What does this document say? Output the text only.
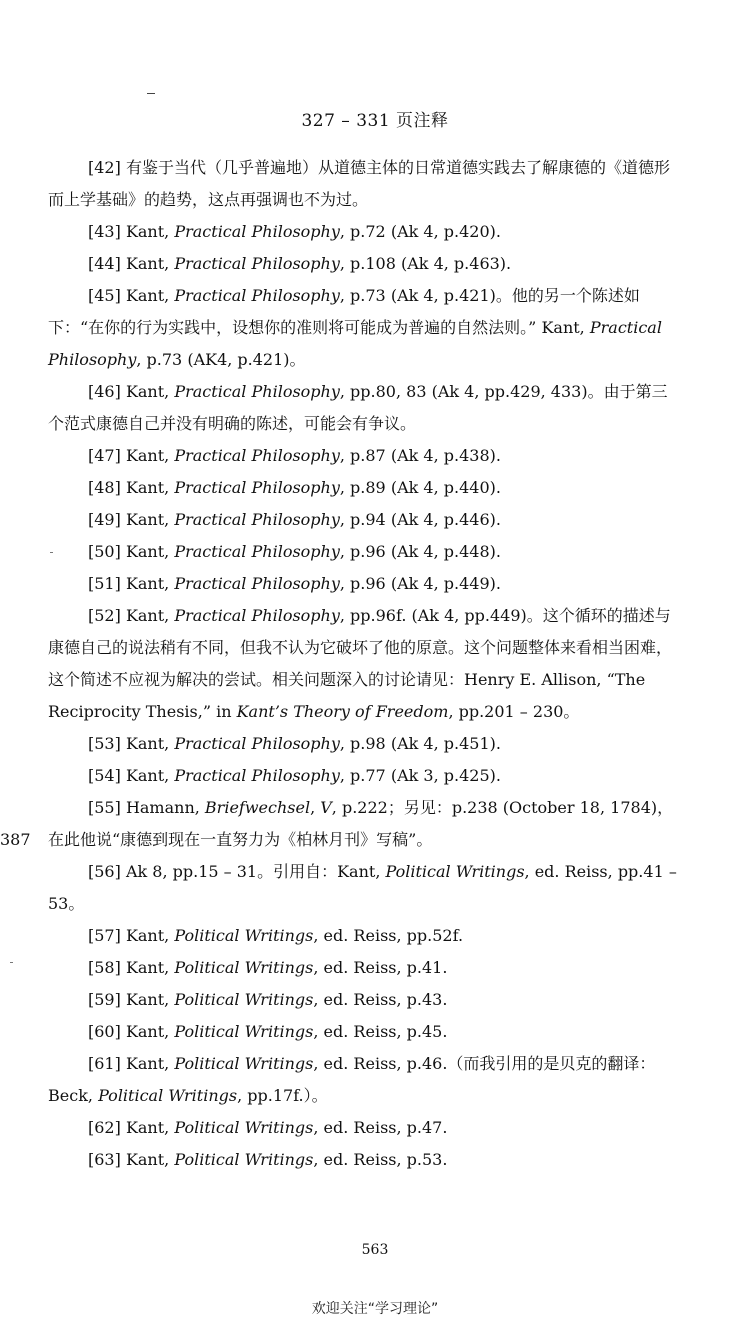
327 – 331 页注释
387

[42] 有鉴于当代（几乎普遍地）从道德主体的日常道德实践去了解康德的《道德形而上学基础》的趋势，这点再强调也不为过。

[43] Kant, Practical Philosophy, p.72 (Ak 4, p.420).

[44] Kant, Practical Philosophy, p.108 (Ak 4, p.463).

[45] Kant, Practical Philosophy, p.73 (Ak 4, p.421)。他的另一个陈述如下：“在你的行为实践中，设想你的准则将可能成为普遍的自然法则。” Kant, Practical Philosophy, p.73 (AK4, p.421)。

[46] Kant, Practical Philosophy, pp.80, 83 (Ak 4, pp.429, 433)。由于第三个范式康德自己并没有明确的陈述，可能会有争议。

[47] Kant, Practical Philosophy, p.87 (Ak 4, p.438).

[48] Kant, Practical Philosophy, p.89 (Ak 4, p.440).

[49] Kant, Practical Philosophy, p.94 (Ak 4, p.446).

[50] Kant, Practical Philosophy, p.96 (Ak 4, p.448).

[51] Kant, Practical Philosophy, p.96 (Ak 4, p.449).

[52] Kant, Practical Philosophy, pp.96f. (Ak 4, pp.449)。这个循环的描述与康德自己的说法稍有不同，但我不认为它破坏了他的原意。这个问题整体来看相当困难，这个简述不应视为解决的尝试。相关问题深入的讨论请见：Henry E. Allison, “The Reciprocity Thesis,” in Kant’s Theory of Freedom, pp.201 – 230。

[53] Kant, Practical Philosophy, p.98 (Ak 4, p.451).

[54] Kant, Practical Philosophy, p.77 (Ak 3, p.425).

[55] Hamann, Briefwechsel, V, p.222；另见：p.238 (October 18, 1784)，在此他说“康德到现在一直努力为《柏林月刊》写稿”。

[56] Ak 8, pp.15 – 31。引用自：Kant, Political Writings, ed. Reiss, pp.41 – 53。

[57] Kant, Political Writings, ed. Reiss, pp.52f.

[58] Kant, Political Writings, ed. Reiss, p.41.

[59] Kant, Political Writings, ed. Reiss, p.43.

[60] Kant, Political Writings, ed. Reiss, p.45.

[61] Kant, Political Writings, ed. Reiss, p.46.（而我引用的是贝克的翻译：Beck, Political Writings, pp.17f.）。

[62] Kant, Political Writings, ed. Reiss, p.47.

[63] Kant, Political Writings, ed. Reiss, p.53.

563
欢迎关注“学习理论”
